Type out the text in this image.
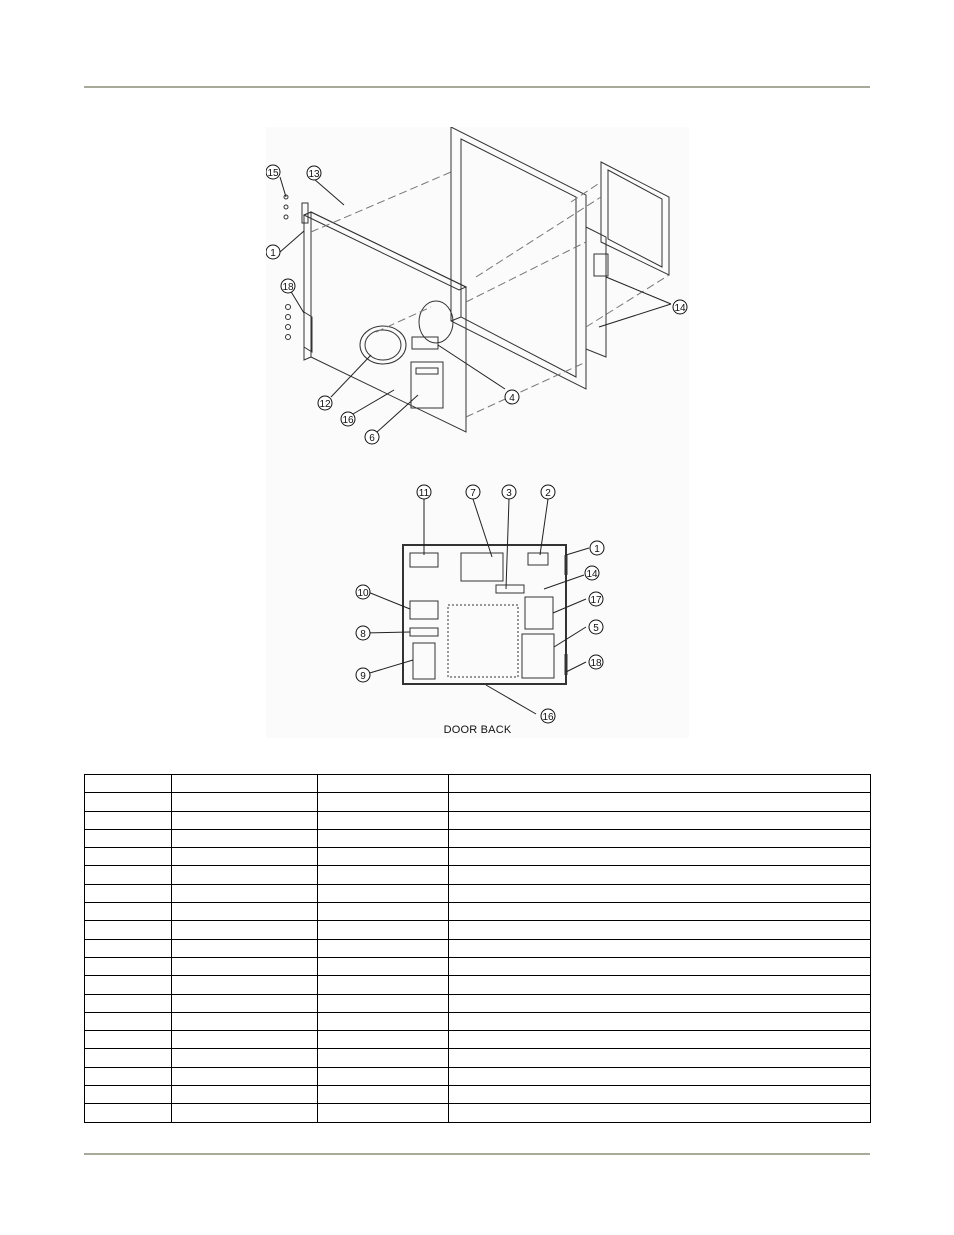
15	13
1
18
12
16
6
4
14
11	7	3	2
1
14
10
17
8
5
9
18
16
DOOR BACK
